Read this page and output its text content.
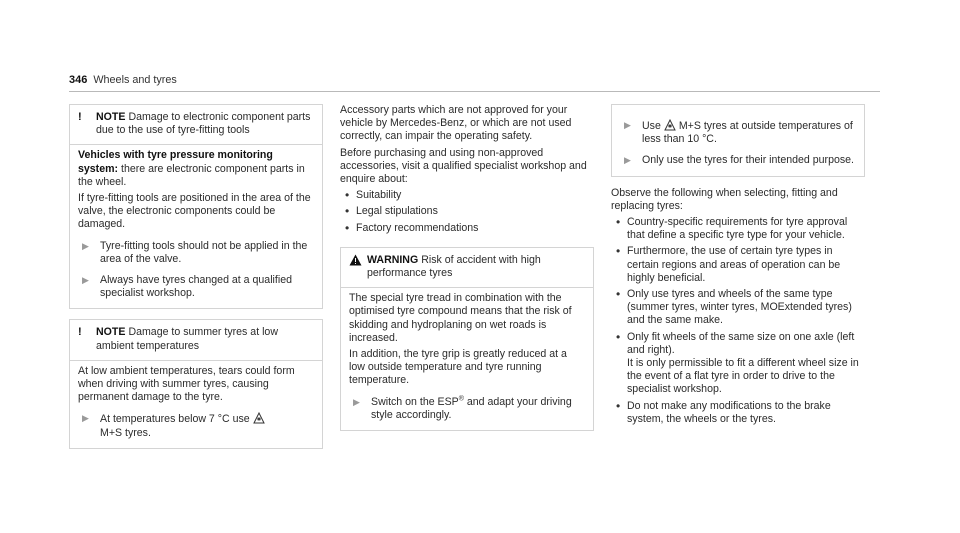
346 Wheels and tyres
!	NOTE Damage to electronic component parts due to the use of tyre-fitting tools

Vehicles with tyre pressure monitoring system: there are electronic component parts in the wheel.

If tyre-fitting tools are positioned in the area of the valve, the electronic components could be damaged.

▶	Tyre-fitting tools should not be applied in the area of the valve.
▶	Always have tyres changed at a qualified specialist workshop.
!	NOTE Damage to summer tyres at low ambient temperatures

At low ambient temperatures, tears could form when driving with summer tyres, causing permanent damage to the tyre.

▶	At temperatures below 7 °C use
M+S tyres.

Accessory parts which are not approved for your vehicle by Mercedes-Benz, or which are not used correctly, can impair the operating safety.

Before purchasing and using non-approved accessories, visit a qualified specialist workshop and enquire about:

• Suitability
• Legal stipulations
• Factory recommendations
WARNING Risk of accident with high performance tyres

The special tyre tread in combination with the optimised tyre compound means that the risk of skidding and hydroplaning on wet roads is increased.

In addition, the tyre grip is greatly reduced at a low outside temperature and tyre running temperature.

▶	Switch on the ESP® and adapt your driving style accordingly.
▶	Use M+S tyres at outside temperatures of less than 10 °C.
▶	Only use the tyres for their intended purpose.

Observe the following when selecting, fitting and replacing tyres:

• Country-specific requirements for tyre approval that define a specific tyre type for your vehicle.
• Furthermore, the use of certain tyre types in certain regions and areas of operation can be highly beneficial.
• Only use tyres and wheels of the same type (summer tyres, winter tyres, MOExtended tyres) and the same make.
• Only fit wheels of the same size on one axle (left and right).
It is only permissible to fit a different wheel size in the event of a flat tyre in order to drive to the specialist workshop.
• Do not make any modifications to the brake system, the wheels or the tyres.
